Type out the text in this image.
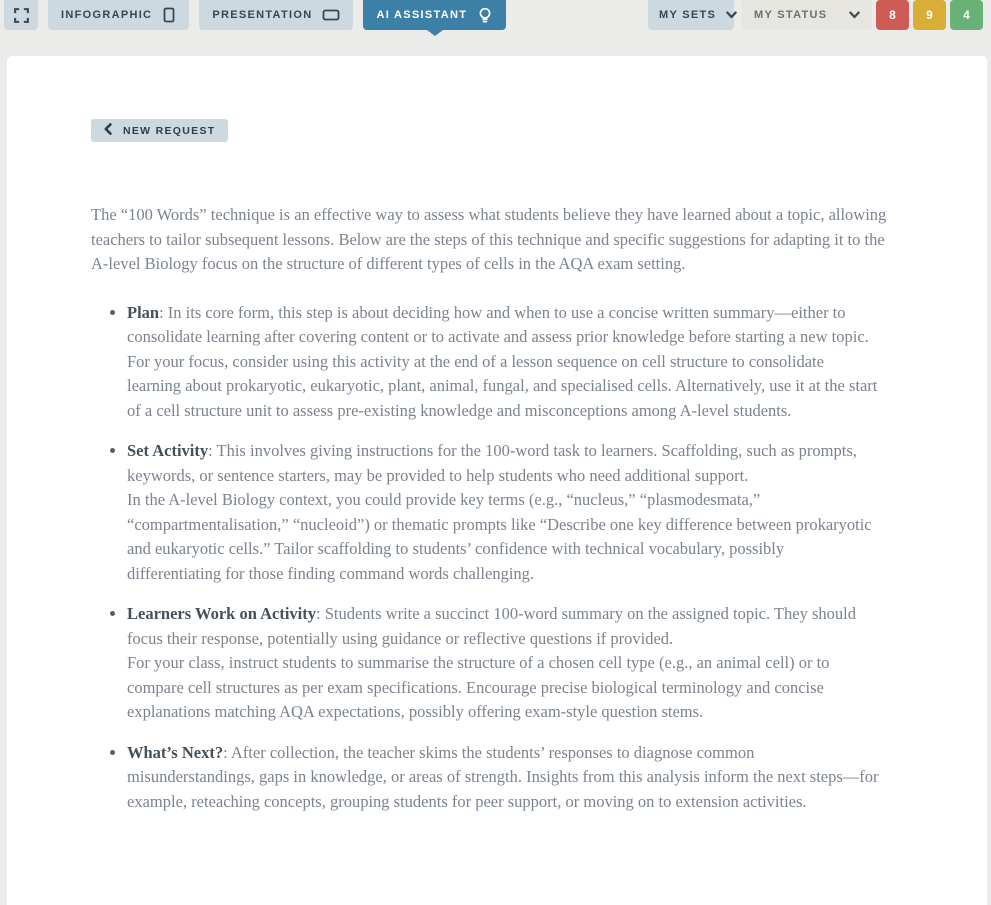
INFOGRAPHIC	PRESENTATION	AI ASSISTANT	MY SETS	MY STATUS	8	9	4
NEW REQUEST

The “100 Words” technique is an effective way to assess what students believe they have learned about a topic, allowing teachers to tailor subsequent lessons. Below are the steps of this technique and specific suggestions for adapting it to the A-level Biology focus on the structure of different types of cells in the AQA exam setting.

• Plan: In its core form, this step is about deciding how and when to use a concise written summary—either to consolidate learning after covering content or to activate and assess prior knowledge before starting a new topic.
For your focus, consider using this activity at the end of a lesson sequence on cell structure to consolidate learning about prokaryotic, eukaryotic, plant, animal, fungal, and specialised cells. Alternatively, use it at the start of a cell structure unit to assess pre-existing knowledge and misconceptions among A-level students.
• Set Activity: This involves giving instructions for the 100-word task to learners. Scaffolding, such as prompts, keywords, or sentence starters, may be provided to help students who need additional support.
In the A-level Biology context, you could provide key terms (e.g., “nucleus,” “plasmodesmata,” “compartmentalisation,” “nucleoid”) or thematic prompts like “Describe one key difference between prokaryotic and eukaryotic cells.” Tailor scaffolding to students’ confidence with technical vocabulary, possibly differentiating for those finding command words challenging.
• Learners Work on Activity: Students write a succinct 100-word summary on the assigned topic. They should focus their response, potentially using guidance or reflective questions if provided.
For your class, instruct students to summarise the structure of a chosen cell type (e.g., an animal cell) or to compare cell structures as per exam specifications. Encourage precise biological terminology and concise explanations matching AQA expectations, possibly offering exam-style question stems.
• What’s Next?: After collection, the teacher skims the students’ responses to diagnose common misunderstandings, gaps in knowledge, or areas of strength. Insights from this analysis inform the next steps—for example, reteaching concepts, grouping students for peer support, or moving on to extension activities.
